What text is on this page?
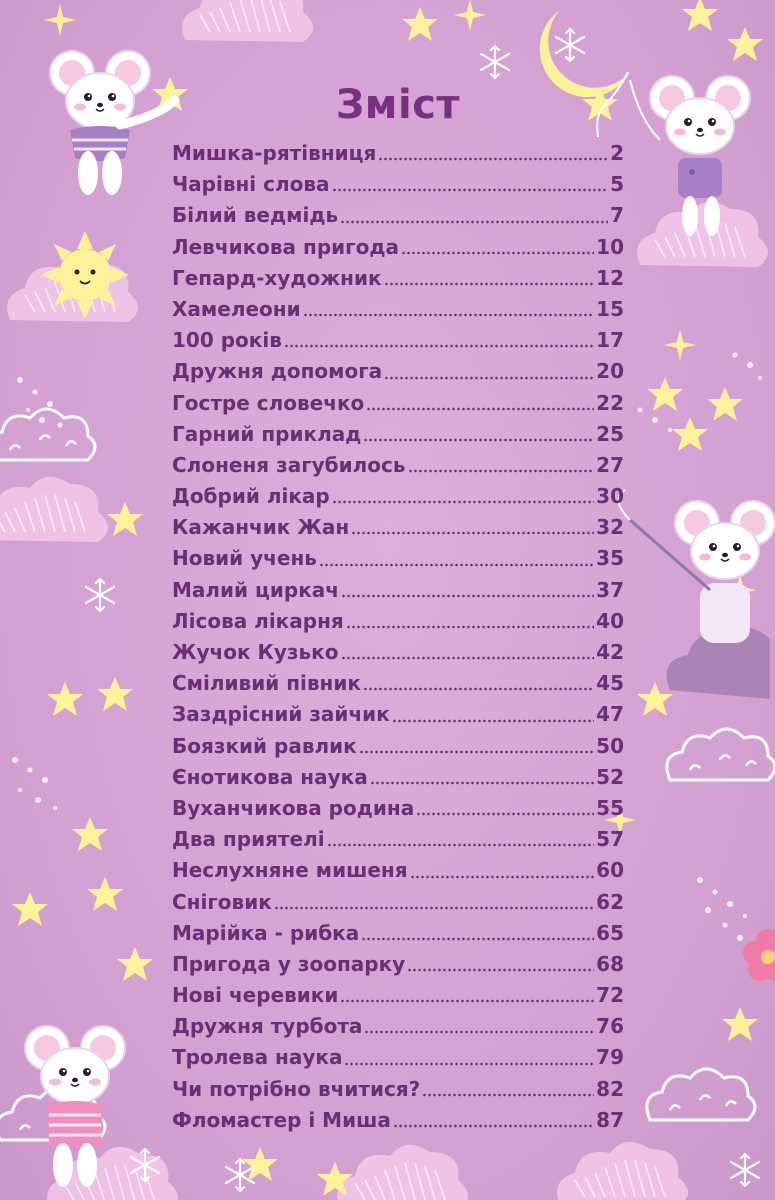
Зміст
Мишка-рятівниця	2
Чарівні слова	5
Білий ведмідь	7
Левчикова пригода	10
Гепард-художник	12
Хамелеони	15
100 років	17
Дружня допомога	20
Гостре словечко	22
Гарний приклад	25
Слоненя загубилось	27
Добрий лікар	30
Кажанчик Жан	32
Новий учень	35
Малий циркач	37
Лісова лікарня	40
Жучок Кузько	42
Сміливий півник	45
Заздрісний зайчик	47
Боязкий равлик	50
Єнотикова наука	52
Вуханчикова родина	55
Два приятелі	57
Неслухняне мишеня	60
Сніговик	62
Марійка - рибка	65
Пригода у зоопарку	68
Нові черевики	72
Дружня турбота	76
Тролева наука	79
Чи потрібно вчитися?	82
Фломастер і Миша	87
